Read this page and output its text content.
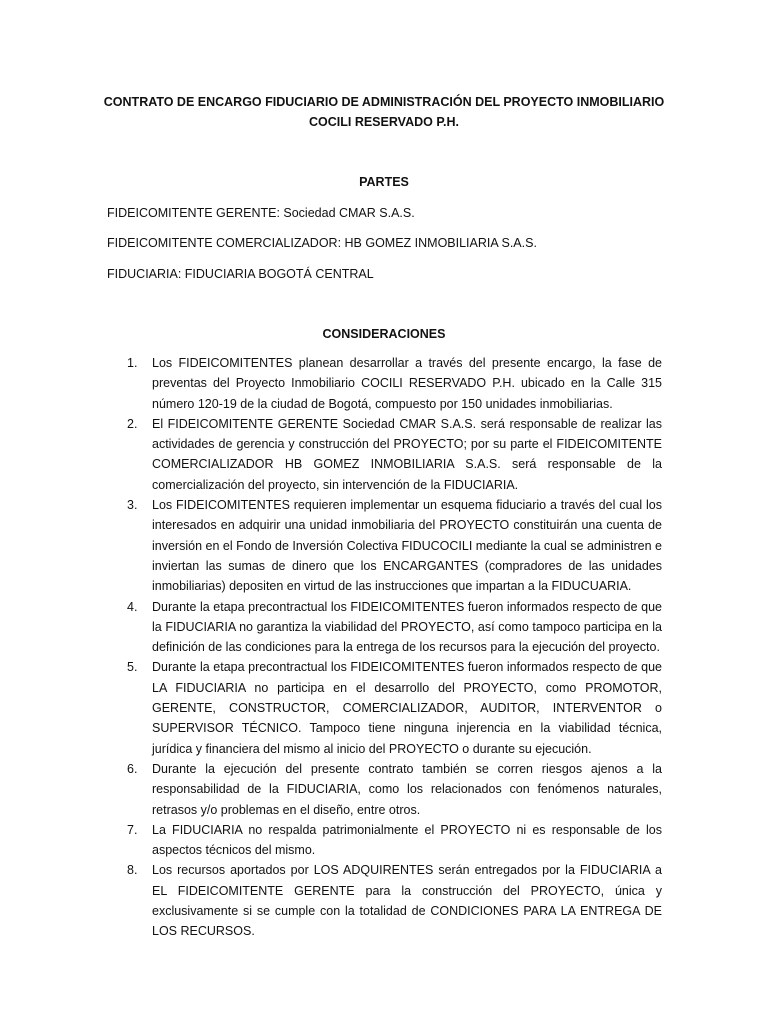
CONTRATO DE ENCARGO FIDUCIARIO DE ADMINISTRACIÓN DEL PROYECTO INMOBILIARIO
COCILI RESERVADO P.H.
PARTES
FIDEICOMITENTE GERENTE: Sociedad CMAR S.A.S.
FIDEICOMITENTE COMERCIALIZADOR: HB GOMEZ INMOBILIARIA S.A.S.
FIDUCIARIA: FIDUCIARIA BOGOTÁ CENTRAL
CONSIDERACIONES
1.	Los FIDEICOMITENTES planean desarrollar a través del presente encargo, la fase de preventas del Proyecto Inmobiliario COCILI RESERVADO P.H. ubicado en la Calle 315 número 120-19 de la ciudad de Bogotá, compuesto por 150 unidades inmobiliarias.
2.	El FIDEICOMITENTE GERENTE Sociedad CMAR S.A.S. será responsable de realizar las actividades de gerencia y construcción del PROYECTO; por su parte el FIDEICOMITENTE COMERCIALIZADOR HB GOMEZ INMOBILIARIA S.A.S. será responsable de la comercialización del proyecto, sin intervención de la FIDUCIARIA.
3.	Los FIDEICOMITENTES requieren implementar un esquema fiduciario a través del cual los interesados en adquirir una unidad inmobiliaria del PROYECTO constituirán una cuenta de inversión en el Fondo de Inversión Colectiva FIDUCOCILI mediante la cual se administren e inviertan las sumas de dinero que los ENCARGANTES (compradores de las unidades inmobiliarias) depositen en virtud de las instrucciones que impartan a la FIDUCUARIA.
4.	Durante la etapa precontractual los FIDEICOMITENTES fueron informados respecto de que la FIDUCIARIA no garantiza la viabilidad del PROYECTO, así como tampoco participa en la definición de las condiciones para la entrega de los recursos para la ejecución del proyecto.
5.	Durante la etapa precontractual los FIDEICOMITENTES fueron informados respecto de que LA FIDUCIARIA no participa en el desarrollo del PROYECTO, como PROMOTOR, GERENTE, CONSTRUCTOR, COMERCIALIZADOR, AUDITOR, INTERVENTOR o SUPERVISOR TÉCNICO. Tampoco tiene ninguna injerencia en la viabilidad técnica, jurídica y financiera del mismo al inicio del PROYECTO o durante su ejecución.
6.	Durante la ejecución del presente contrato también se corren riesgos ajenos a la responsabilidad de la FIDUCIARIA, como los relacionados con fenómenos naturales, retrasos y/o problemas en el diseño, entre otros.
7.	La FIDUCIARIA no respalda patrimonialmente el PROYECTO ni es responsable de los aspectos técnicos del mismo.
8.	Los recursos aportados por LOS ADQUIRENTES serán entregados por la FIDUCIARIA a EL FIDEICOMITENTE GERENTE para la construcción del PROYECTO, única y exclusivamente si se cumple con la totalidad de CONDICIONES PARA LA ENTREGA DE LOS RECURSOS.
